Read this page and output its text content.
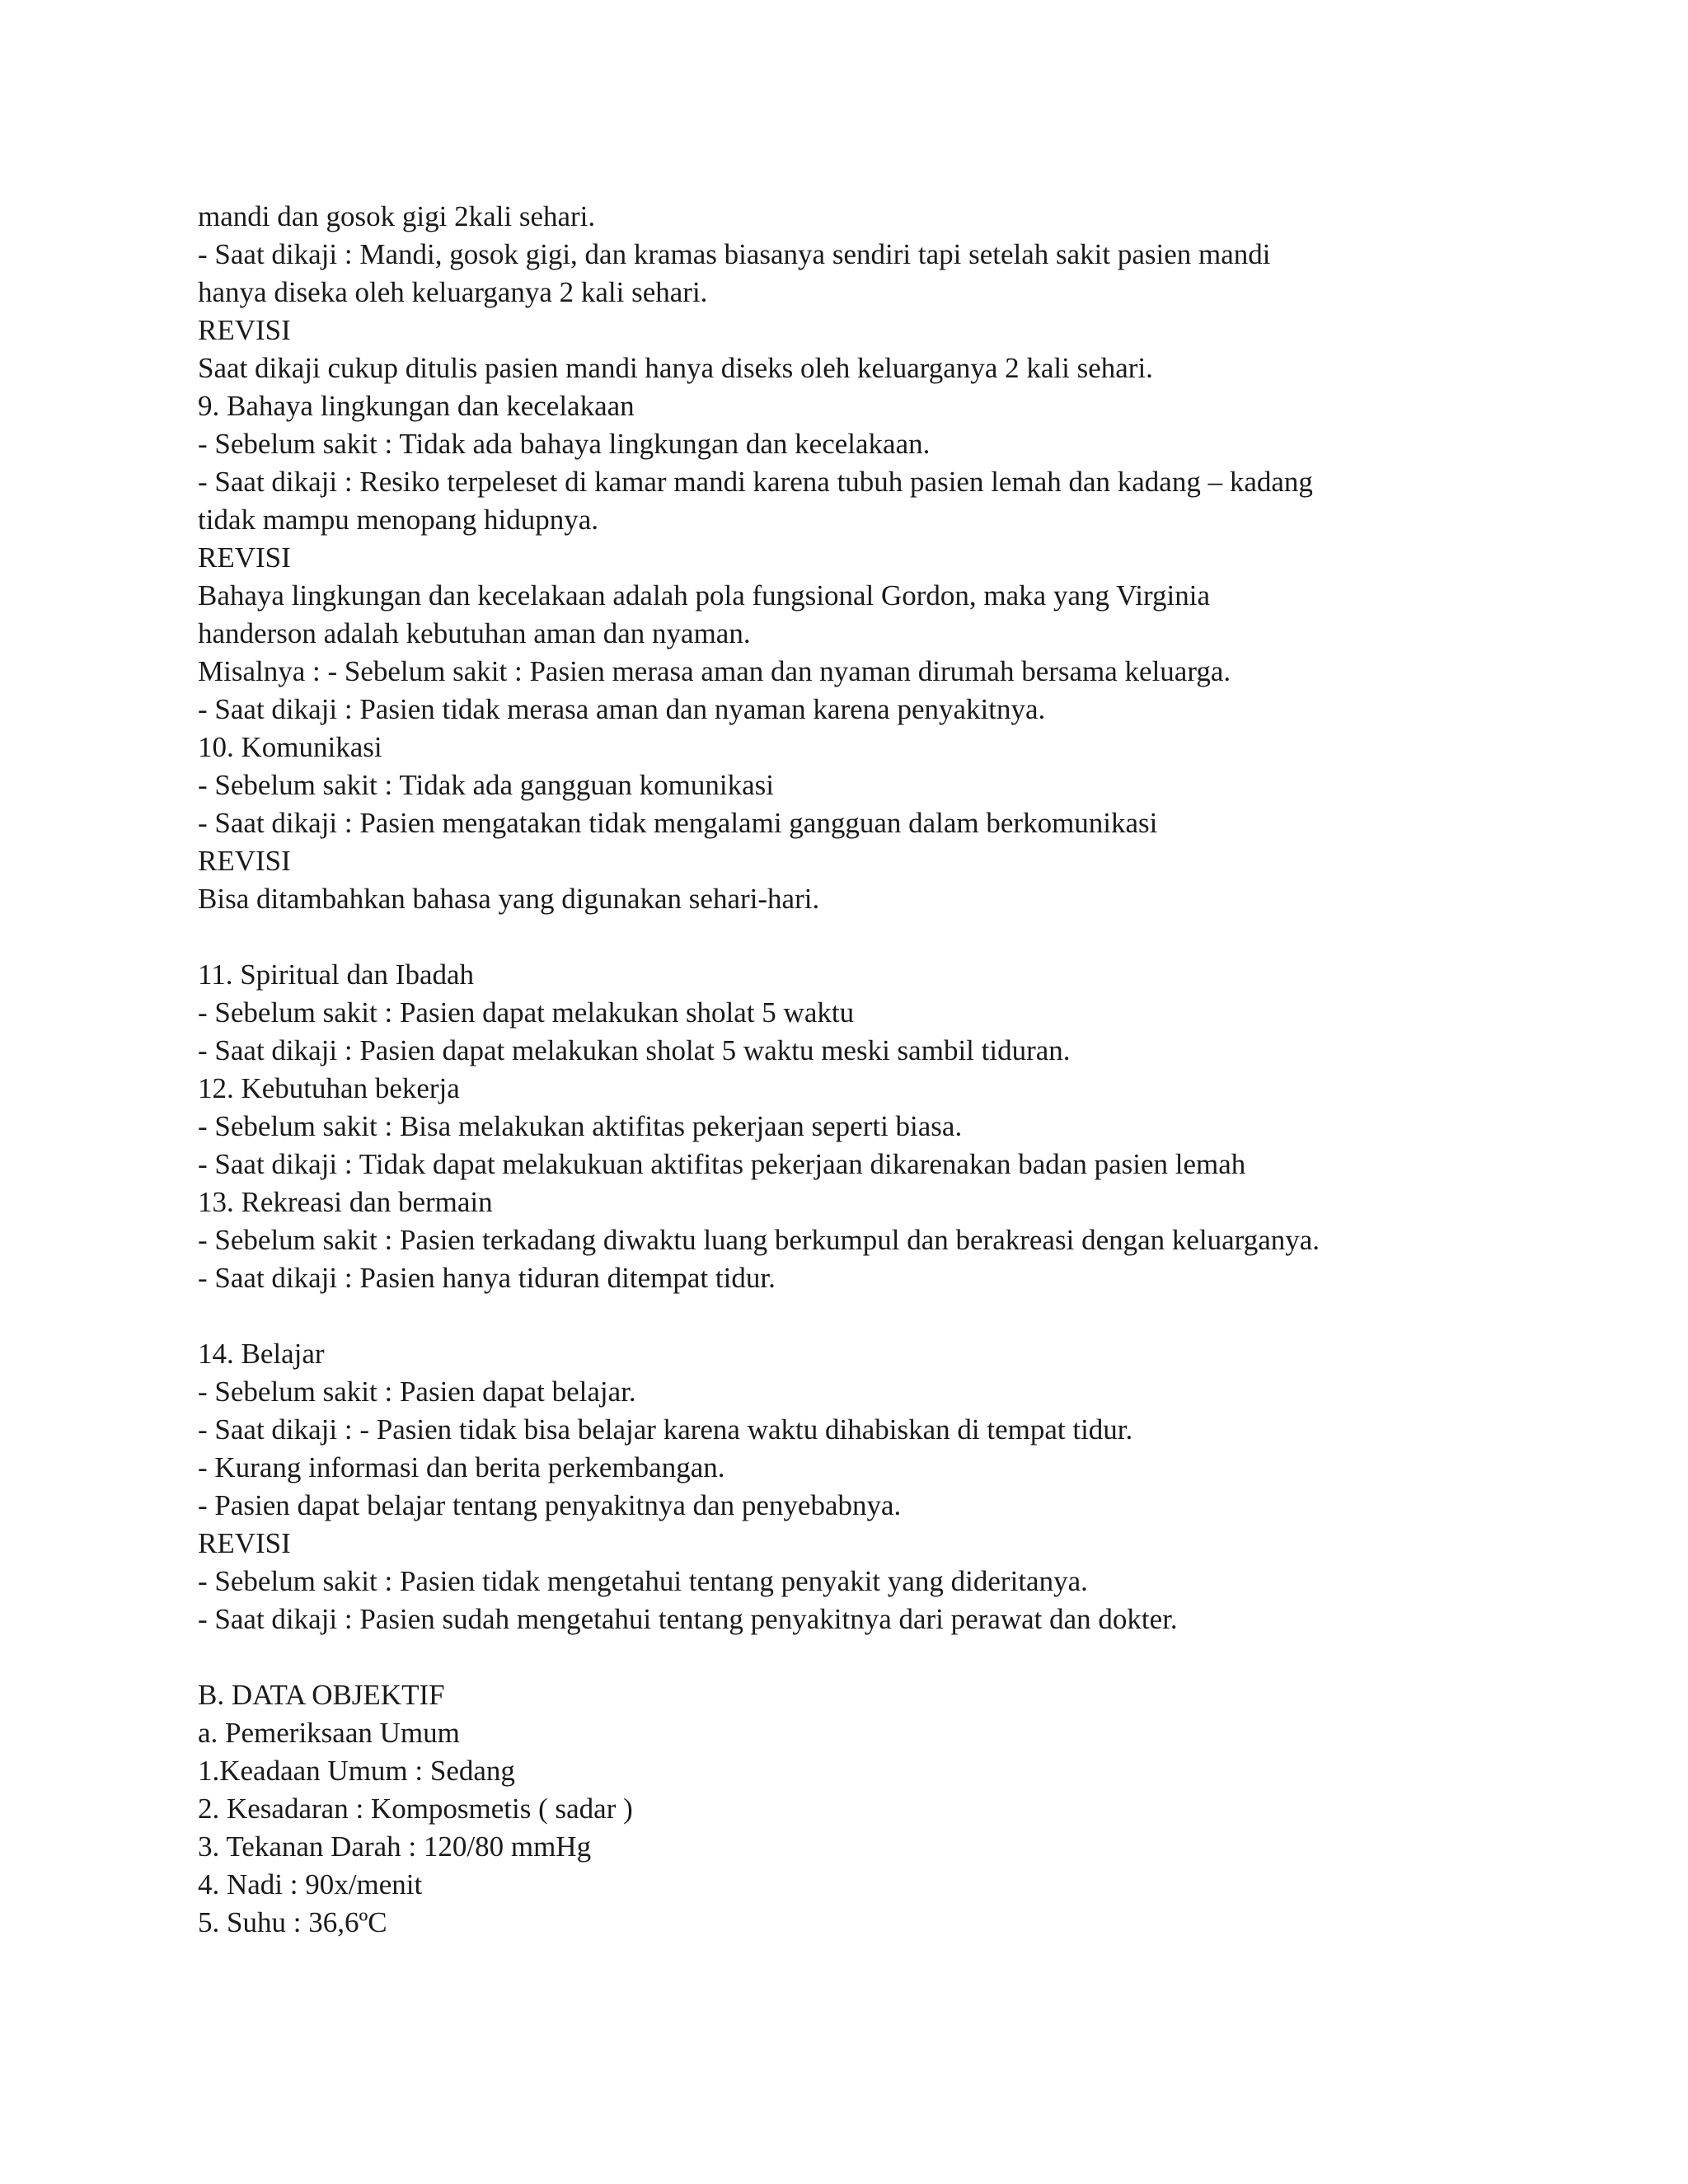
mandi dan gosok gigi 2kali sehari.
- Saat dikaji : Mandi, gosok gigi, dan kramas biasanya sendiri tapi setelah sakit pasien mandi
hanya diseka oleh keluarganya 2 kali sehari.
REVISI
Saat dikaji cukup ditulis pasien mandi hanya diseks oleh keluarganya 2 kali sehari.
9. Bahaya lingkungan dan kecelakaan
- Sebelum sakit : Tidak ada bahaya lingkungan dan kecelakaan.
- Saat dikaji : Resiko terpeleset di kamar mandi karena tubuh pasien lemah dan kadang – kadang
tidak mampu menopang hidupnya.
REVISI
Bahaya lingkungan dan kecelakaan adalah pola fungsional Gordon, maka yang Virginia
handerson adalah kebutuhan aman dan nyaman.
Misalnya : - Sebelum sakit : Pasien merasa aman dan nyaman dirumah bersama keluarga.
- Saat dikaji : Pasien tidak merasa aman dan nyaman karena penyakitnya.
10. Komunikasi
- Sebelum sakit : Tidak ada gangguan komunikasi
- Saat dikaji : Pasien mengatakan tidak mengalami gangguan dalam berkomunikasi
REVISI
Bisa ditambahkan bahasa yang digunakan sehari-hari.
11. Spiritual dan Ibadah
- Sebelum sakit : Pasien dapat melakukan sholat 5 waktu
- Saat dikaji : Pasien dapat melakukan sholat 5 waktu meski sambil tiduran.
12. Kebutuhan bekerja
- Sebelum sakit : Bisa melakukan aktifitas pekerjaan seperti biasa.
- Saat dikaji : Tidak dapat melakukuan aktifitas pekerjaan dikarenakan badan pasien lemah
13. Rekreasi dan bermain
- Sebelum sakit : Pasien terkadang diwaktu luang berkumpul dan berakreasi dengan keluarganya.
- Saat dikaji : Pasien hanya tiduran ditempat tidur.
14. Belajar
- Sebelum sakit : Pasien dapat belajar.
- Saat dikaji : - Pasien tidak bisa belajar karena waktu dihabiskan di tempat tidur.
- Kurang informasi dan berita perkembangan.
- Pasien dapat belajar tentang penyakitnya dan penyebabnya.
REVISI
- Sebelum sakit : Pasien tidak mengetahui tentang penyakit yang dideritanya.
- Saat dikaji : Pasien sudah mengetahui tentang penyakitnya dari perawat dan dokter.
B. DATA OBJEKTIF
a. Pemeriksaan Umum
1.Keadaan Umum : Sedang
2. Kesadaran : Komposmetis ( sadar )
3. Tekanan Darah : 120/80 mmHg
4. Nadi : 90x/menit
5. Suhu : 36,6ºC
